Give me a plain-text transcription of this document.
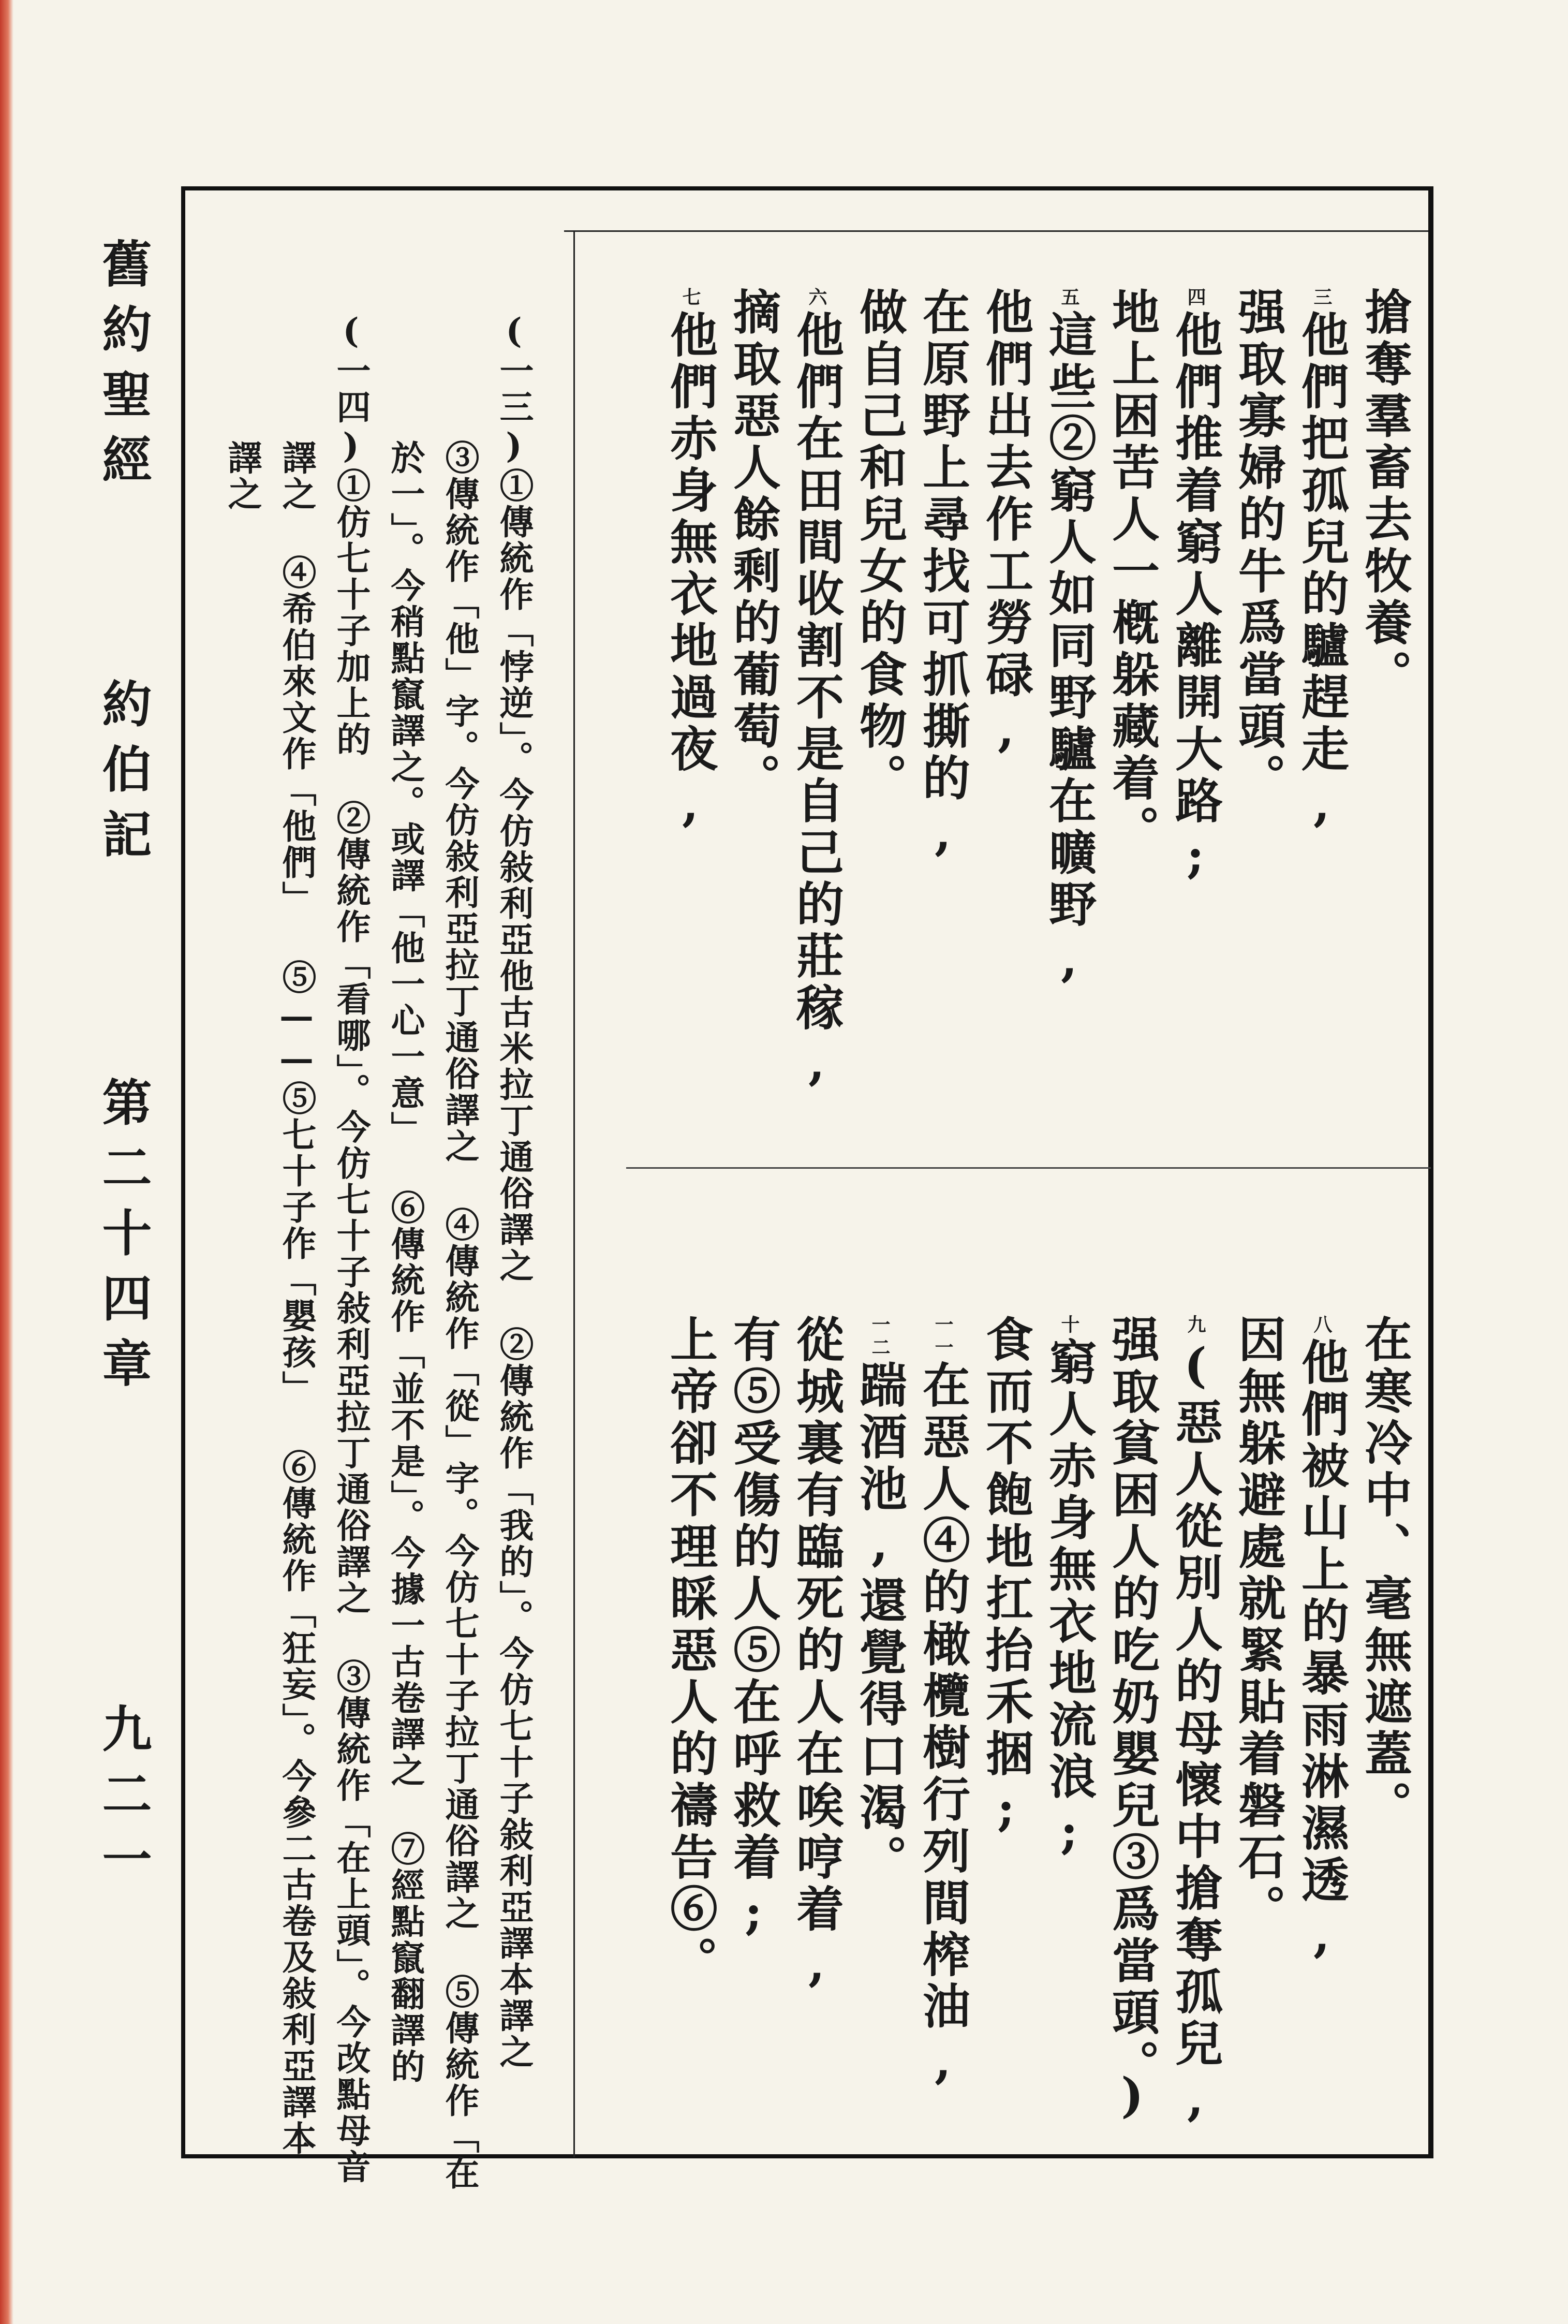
舊約聖經
約伯記
第二十四章
九二一

搶奪羣畜去牧養。
三他們把孤兒的驢趕走,
强取寡婦的牛爲當頭。
四他們推着窮人離開大路;
地上困苦人一槪躲藏着。
五這些②窮人如同野驢在曠野,
他們出去作工勞碌,
在原野上尋找可抓撕的,
做自己和兒女的食物。
六他們在田間收割不是自己的莊稼,
摘取惡人餘剩的葡萄。
七他們赤身無衣地過夜,
在寒冷中、毫無遮蓋。
八他們被山上的暴雨淋濕透,
因無躲避處就緊貼着磐石。
九(惡人從別人的母懷中搶奪孤兒,
强取貧困人的吃奶嬰兒③爲當頭。)
十窮人赤身無衣地流浪;
食而不飽地扛抬禾捆;
一一在惡人④的橄欖樹行列間榨油,
一二踹酒池,還覺得口渴。
從城裏有臨死的人在唉哼着,
有⑤受傷的人⑤在呼救着;
上帝卻不理睬惡人的禱告⑥。
(一三)①傳統作「悖逆」。今仿敍利亞他古米拉丁通俗譯之 ②傳統作「我的」。今仿七十子敍利亞譯本譯之
③傳統作「他」字。今仿敍利亞拉丁通俗譯之 ④傳統作「從」字。今仿七十子拉丁通俗譯之 ⑤傳統作「在
於一」。今稍點竄譯之。或譯「他一心一意」 ⑥傳統作「並不是」。今據一古卷譯之 ⑦經點竄翻譯的
(一四)①仿七十子加上的 ②傳統作「看哪」。今仿七十子敍利亞拉丁通俗譯之 ③傳統作「在上頭」。今改點母音
譯之 ④希伯來文作「他們」 ⑤——⑤七十子作「嬰孩」 ⑥傳統作「狂妄」。今參二古卷及敍利亞譯本
譯之
